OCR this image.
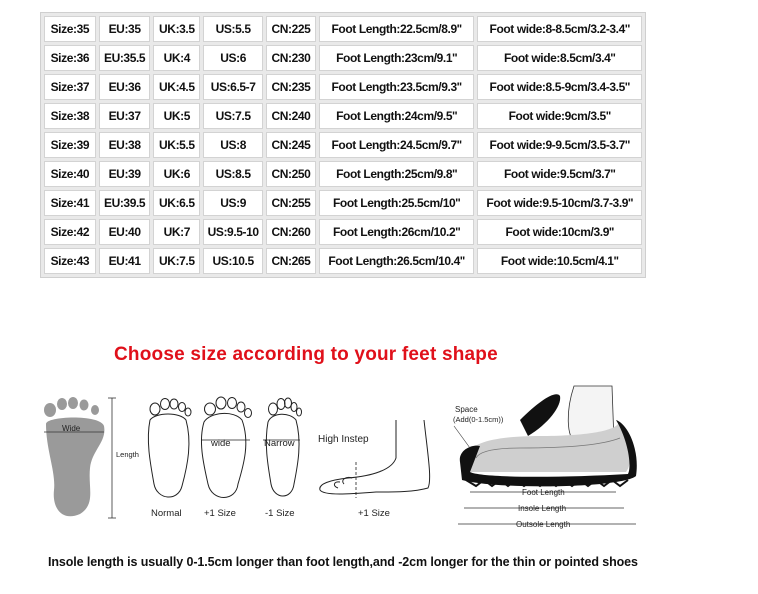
Size:35	EU:35	UK:3.5	US:5.5	CN:225	Foot Length:22.5cm/8.9''	Foot wide:8-8.5cm/3.2-3.4''
Size:36	EU:35.5	UK:4	US:6	CN:230	Foot Length:23cm/9.1''	Foot wide:8.5cm/3.4''
Size:37	EU:36	UK:4.5	US:6.5-7	CN:235	Foot Length:23.5cm/9.3''	Foot wide:8.5-9cm/3.4-3.5''
Size:38	EU:37	UK:5	US:7.5	CN:240	Foot Length:24cm/9.5''	Foot wide:9cm/3.5''
Size:39	EU:38	UK:5.5	US:8	CN:245	Foot Length:24.5cm/9.7''	Foot wide:9-9.5cm/3.5-3.7''
Size:40	EU:39	UK:6	US:8.5	CN:250	Foot Length:25cm/9.8''	Foot wide:9.5cm/3.7''
Size:41	EU:39.5	UK:6.5	US:9	CN:255	Foot Length:25.5cm/10''	Foot wide:9.5-10cm/3.7-3.9''
Size:42	EU:40	UK:7	US:9.5-10	CN:260	Foot Length:26cm/10.2''	Foot wide:10cm/3.9''
Size:43	EU:41	UK:7.5	US:10.5	CN:265	Foot Length:26.5cm/10.4''	Foot wide:10.5cm/4.1''
Choose size according to your feet shape
Wide
Length
Normal
wide
+1 Size
Narrow
-1 Size
High Instep
+1 Size
Space
(Add(0-1.5cm))
Foot Length
Insole Length
Outsole Length

Insole length is usually 0-1.5cm longer than foot length,and -2cm longer for the thin or pointed shoes
